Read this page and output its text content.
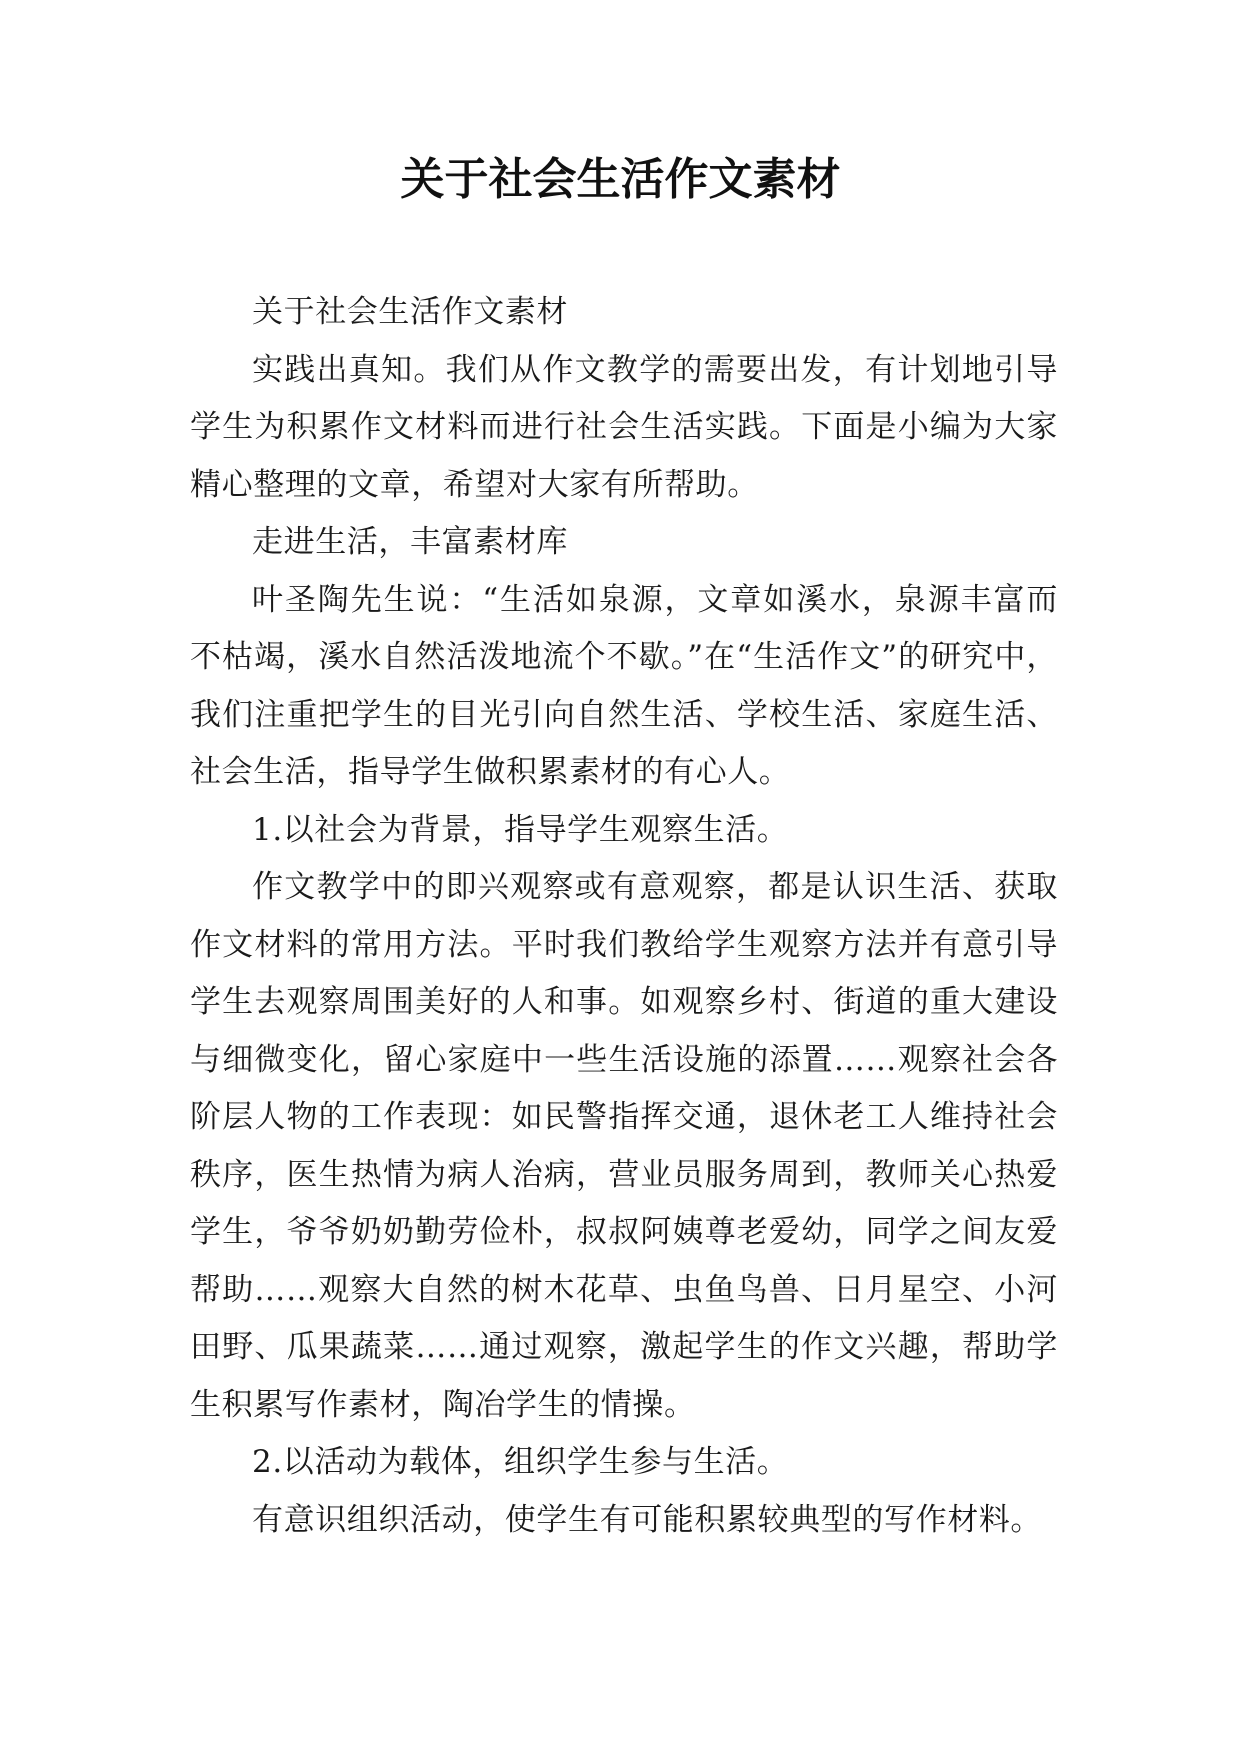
关于社会生活作文素材

关于社会生活作文素材

实践出真知。我们从作文教学的需要出发，有计划地引导学生为积累作文材料而进行社会生活实践。下面是小编为大家精心整理的文章，希望对大家有所帮助。

走进生活，丰富素材库

叶圣陶先生说：“生活如泉源，文章如溪水，泉源丰富而不枯竭，溪水自然活泼地流个不歇。”在“生活作文”的研究中，我们注重把学生的目光引向自然生活、学校生活、家庭生活、社会生活，指导学生做积累素材的有心人。

1.以社会为背景，指导学生观察生活。

作文教学中的即兴观察或有意观察，都是认识生活、获取作文材料的常用方法。平时我们教给学生观察方法并有意引导学生去观察周围美好的人和事。如观察乡村、街道的重大建设与细微变化，留心家庭中一些生活设施的添置……观察社会各阶层人物的工作表现：如民警指挥交通，退休老工人维持社会秩序，医生热情为病人治病，营业员服务周到，教师关心热爱学生，爷爷奶奶勤劳俭朴，叔叔阿姨尊老爱幼，同学之间友爱帮助……观察大自然的树木花草、虫鱼鸟兽、日月星空、小河田野、瓜果蔬菜……通过观察，激起学生的作文兴趣，帮助学生积累写作素材，陶冶学生的情操。

2.以活动为载体，组织学生参与生活。

有意识组织活动，使学生有可能积累较典型的写作材料。
